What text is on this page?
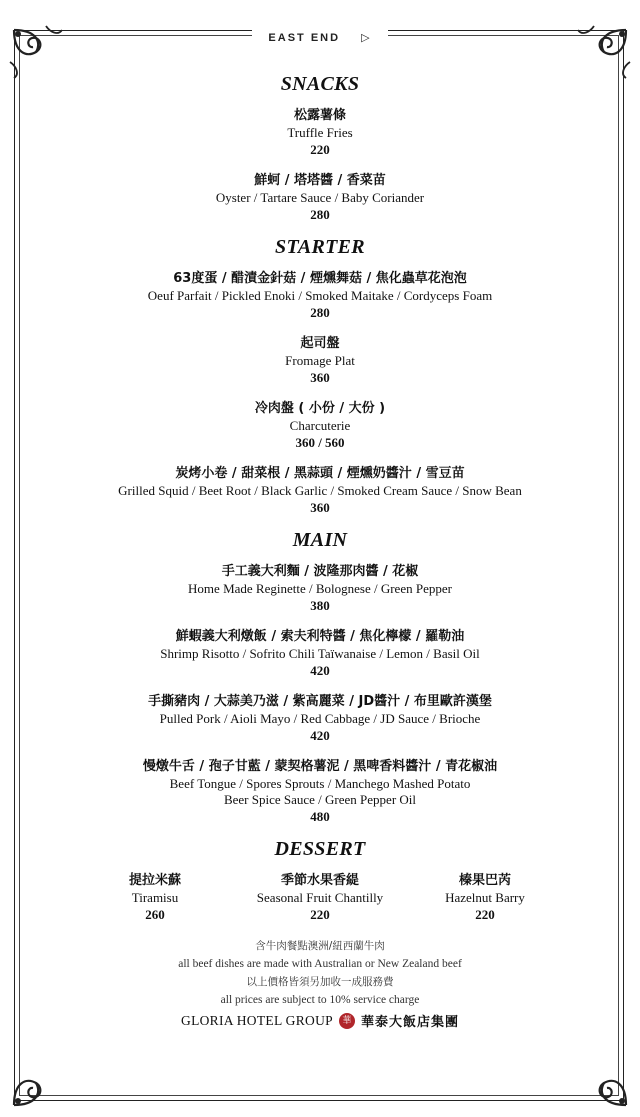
$_{EAST END ▷}$
SNACKS
松露薯條
Truffle Fries
220
鮮蚵 / 塔塔醬 / 香菜苗
Oyster / Tartare Sauce / Baby Coriander
280
STARTER
63度蛋 / 醋漬金針菇 / 煙燻舞菇 / 焦化蟲草花泡泡
Oeuf Parfait / Pickled Enoki / Smoked Maitake / Cordyceps Foam
280
起司盤
Fromage Plat
360
冷肉盤 ( 小份 / 大份 )
Charcuterie
360 / 560
炭烤小卷 / 甜菜根 / 黑蒜頭 / 煙燻奶醬汁 / 雪豆苗
Grilled Squid / Beet Root / Black Garlic / Smoked Cream Sauce / Snow Bean
360
MAIN
手工義大利麵 / 波隆那肉醬 / 花椒
Home Made Reginette / Bolognese / Green Pepper
380
鮮蝦義大利燉飯 / 索夫利特醬 / 焦化檸檬 / 羅勒油
Shrimp Risotto / Sofrito Chili Taïwanaise / Lemon / Basil Oil
420
手撕豬肉 / 大蒜美乃滋 / 紫高麗菜 / JD醬汁 / 布里歐許漢堡
Pulled Pork / Aioli Mayo / Red Cabbage / JD Sauce / Brioche
420
慢燉牛舌 / 孢子甘藍 / 蒙契格薯泥 / 黑啤香料醬汁 / 青花椒油
Beef Tongue / Spores Sprouts / Manchego Mashed Potato
Beer Spice Sauce / Green Pepper Oil
480
DESSERT
提拉米蘇
Tiramisu
260
季節水果香緹
Seasonal Fruit Chantilly
220
榛果巴芮
Hazelnut Barry
220
含牛肉餐點澳洲/紐西蘭牛肉
all beef dishes are made with Australian or New Zealand beef
以上價格皆須另加收一成服務費
all prices are subject to 10% service charge
GLORIA HOTEL GROUP	華 華泰大飯店集團
